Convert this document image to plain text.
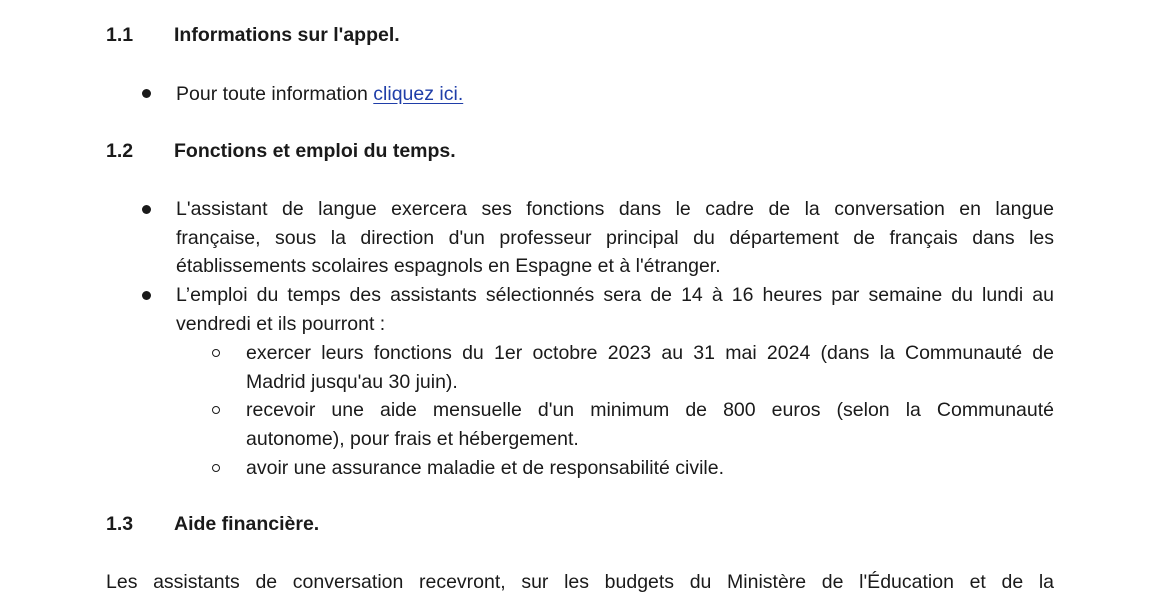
1.1 Informations sur l'appel.
Pour toute information cliquez ici.
1.2 Fonctions et emploi du temps.
L'assistant de langue exercera ses fonctions dans le cadre de la conversation en langue
française, sous la direction d'un professeur principal du département de français dans les
établissements scolaires espagnols en Espagne et à l'étranger.
L’emploi du temps des assistants sélectionnés sera de 14 à 16 heures par semaine du lundi au
vendredi et ils pourront :
exercer leurs fonctions du 1er octobre 2023 au 31 mai 2024 (dans la Communauté de
Madrid jusqu'au 30 juin).
recevoir une aide mensuelle d'un minimum de 800 euros (selon la Communauté
autonome), pour frais et hébergement.
avoir une assurance maladie et de responsabilité civile.
1.3 Aide financière.
Les assistants de conversation recevront, sur les budgets du Ministère de l'Éducation et de la
